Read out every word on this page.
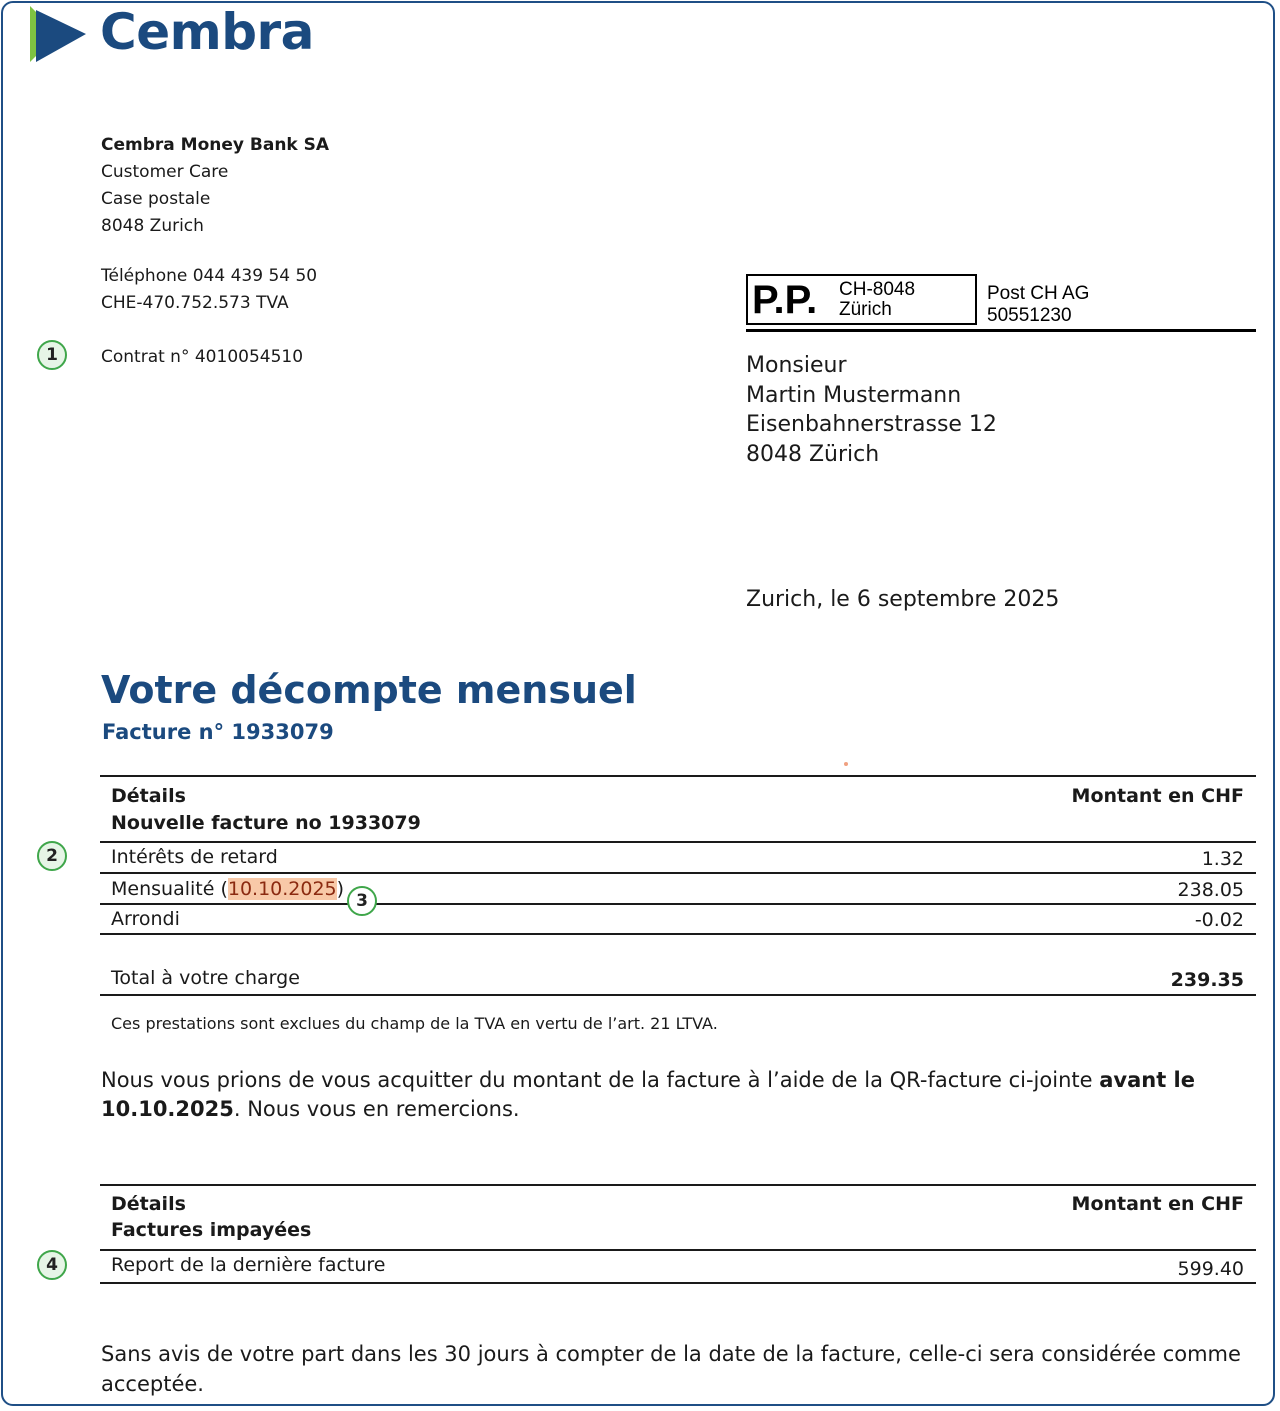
Cembra
Cembra Money Bank SA
Customer Care
Case postale
8048 Zurich
Téléphone 044 439 54 50
CHE-470.752.573 TVA
1	Contrat n° 4010054510
P.P. CH-8048
Zürich
Post CH AG
50551230
Monsieur
Martin Mustermann
Eisenbahnerstrasse 12
8048 Zürich
Zurich, le 6 septembre 2025
Votre décompte mensuel
Facture n° 1933079
Détails	Montant en CHF
Nouvelle facture no 1933079
2	Intérêts de retard	1.32
Mensualité (10.10.2025)	238.05
3
Arrondi	-0.02
Total à votre charge	239.35
Ces prestations sont exclues du champ de la TVA en vertu de l’art. 21 LTVA.
Nous vous prions de vous acquitter du montant de la facture à l’aide de la QR-facture ci-jointe avant le 10.10.2025. Nous vous en remercions.
Détails	Montant en CHF
Factures impayées
4	Report de la dernière facture	599.40
Sans avis de votre part dans les 30 jours à compter de la date de la facture, celle-ci sera considérée comme acceptée.
